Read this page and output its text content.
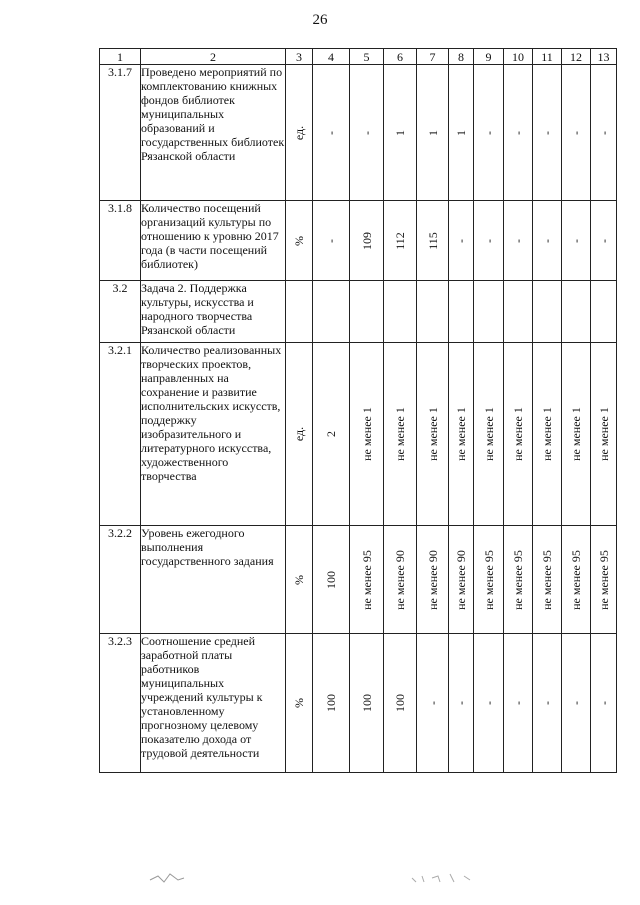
26
1	2	3	4	5	6	7	8	9	10	11	12	13
3.1.7	Проведено мероприятий по комплектованию книжных фондов библиотек муниципальных образований и государственных библиотек Рязанской области	ед.	-	-	1	1	1	-	-	-	-	-

3.1.8	Количество посещений организаций культуры по отношению к уровню 2017 года (в части посещений библиотек)	%	-	109	112	115	-	-	-	-	-	-

3.2	Задача 2. Поддержка культуры, искусства и народного творчества Рязанской области	

3.2.1	Количество реализованных творческих проектов, направленных на сохранение и развитие исполнительских искусств, поддержку изобразительного и литературного искусства, художественного творчества	ед.	2	не менее 1	не менее 1	не менее 1	не менее 1	не менее 1	не менее 1	не менее 1	не менее 1	не менее 1

3.2.2	Уровень ежегодного выполнения государственного задания	%	100	не менее 95	не менее 90	не менее 90	не менее 90	не менее 95	не менее 95	не менее 95	не менее 95	не менее 95

3.2.3	Соотношение средней заработной платы работников муниципальных учреждений культуры к установленному прогнозному целевому показателю дохода от трудовой деятельности	%	100	100	100	-	-	-	-	-	-	-
